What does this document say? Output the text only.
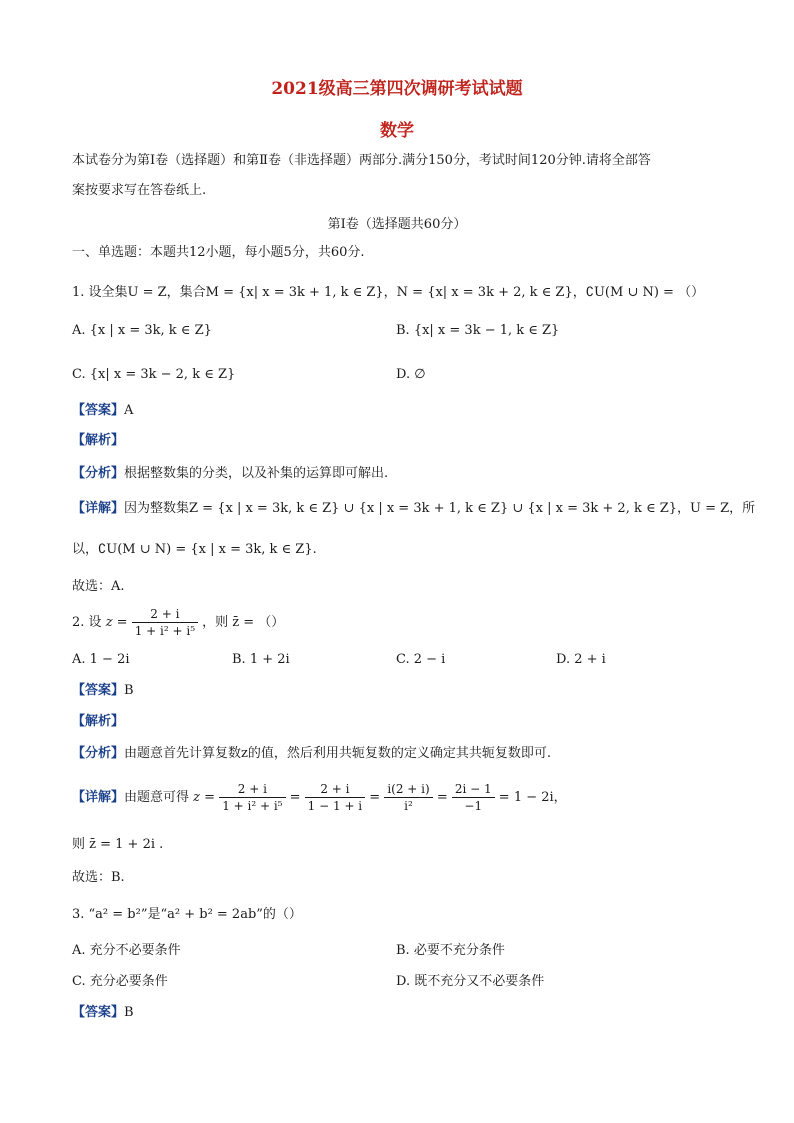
2021级高三第四次调研考试试题
数学
本试卷分为第Ⅰ卷（选择题）和第Ⅱ卷（非选择题）两部分.满分150分，考试时间120分钟.请将全部答
案按要求写在答卷纸上.
第Ⅰ卷（选择题共60分）
一、单选题：本题共12小题，每小题5分，共60分.
1. 设全集U = Z，集合M = {x| x = 3k + 1, k ∈ Z}，N = {x| x = 3k + 2, k ∈ Z}，∁U(M ∪ N) = （）
A. {x | x = 3k, k ∈ Z}	B. {x| x = 3k − 1, k ∈ Z}
C. {x| x = 3k − 2, k ∈ Z}	D. ∅
【答案】A
【解析】
【分析】根据整数集的分类，以及补集的运算即可解出.
【详解】因为整数集Z = {x | x = 3k, k ∈ Z} ∪ {x | x = 3k + 1, k ∈ Z} ∪ {x | x = 3k + 2, k ∈ Z}，U = Z，所
以，∁U(M ∪ N) = {x | x = 3k, k ∈ Z}.
故选：A.
2. 设 $z = \frac{2 + i}{\text{1 + i² + i⁵}}$ ，则 z̄ = （）
A. 1 − 2i	B. 1 + 2i	C. 2 − i	D. 2 + i
【答案】B
【解析】
【分析】由题意首先计算复数z的值，然后利用共轭复数的定义确定其共轭复数即可.
【详解】由题意可得 $z = \frac{2 + i}{\text{1 + i² + i⁵}} = \frac{2 + i}{1 - 1 + i} = \frac{i(2 + i)}{\text{i²}} = \frac{2i - 1}{-1} = 1 - 2i$，
则 z̄ = 1 + 2i .
故选：B.
3. “a² = b²”是“a² + b² = 2ab”的（）
A. 充分不必要条件	B. 必要不充分条件
C. 充分必要条件	D. 既不充分又不必要条件
【答案】B
